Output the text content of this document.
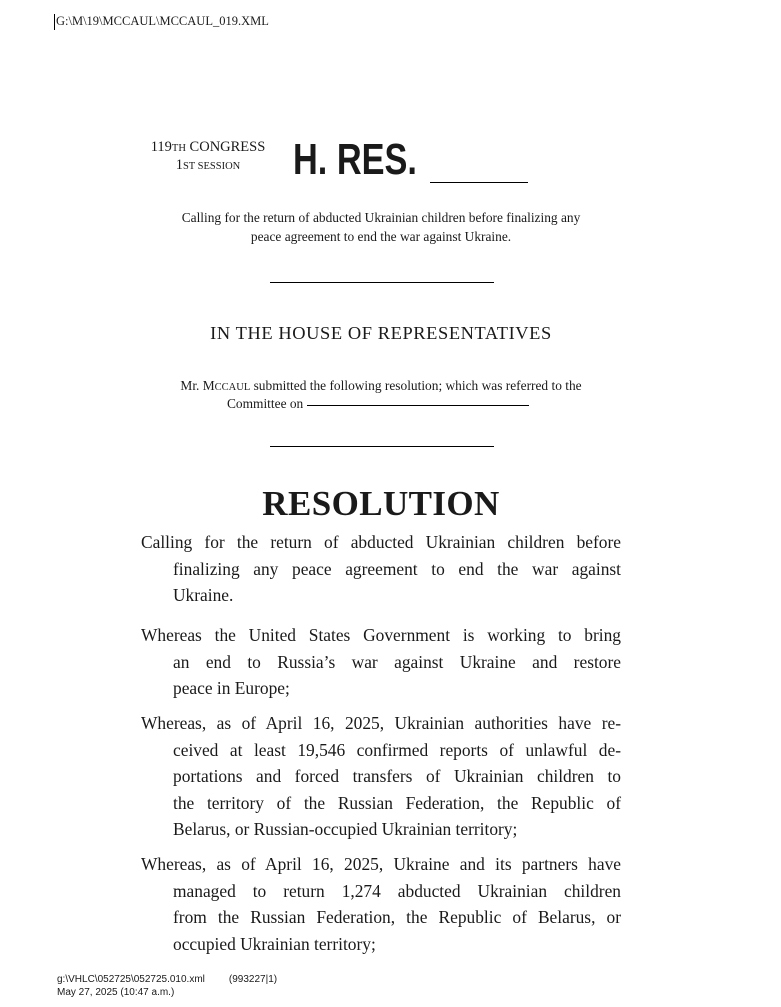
G:\M\19\MCCAUL\MCCAUL_019.XML
119TH CONGRESS
1ST SESSION	H. RES.
Calling for the return of abducted Ukrainian children before finalizing any
peace agreement to end the war against Ukraine.
IN THE HOUSE OF REPRESENTATIVES
Mr. MCCAUL submitted the following resolution; which was referred to the
Committee on
RESOLUTION
Calling for the return of abducted Ukrainian children before
finalizing any peace agreement to end the war against
Ukraine.
Whereas the United States Government is working to bring
an end to Russia’s war against Ukraine and restore
peace in Europe;
Whereas, as of April 16, 2025, Ukrainian authorities have re-
ceived at least 19,546 confirmed reports of unlawful de-
portations and forced transfers of Ukrainian children to
the territory of the Russian Federation, the Republic of
Belarus, or Russian-occupied Ukrainian territory;
Whereas, as of April 16, 2025, Ukraine and its partners have
managed to return 1,274 abducted Ukrainian children
from the Russian Federation, the Republic of Belarus, or
occupied Ukrainian territory;
g:\VHLC\052725\052725.010.xml (993227|1)
May 27, 2025 (10:47 a.m.)
